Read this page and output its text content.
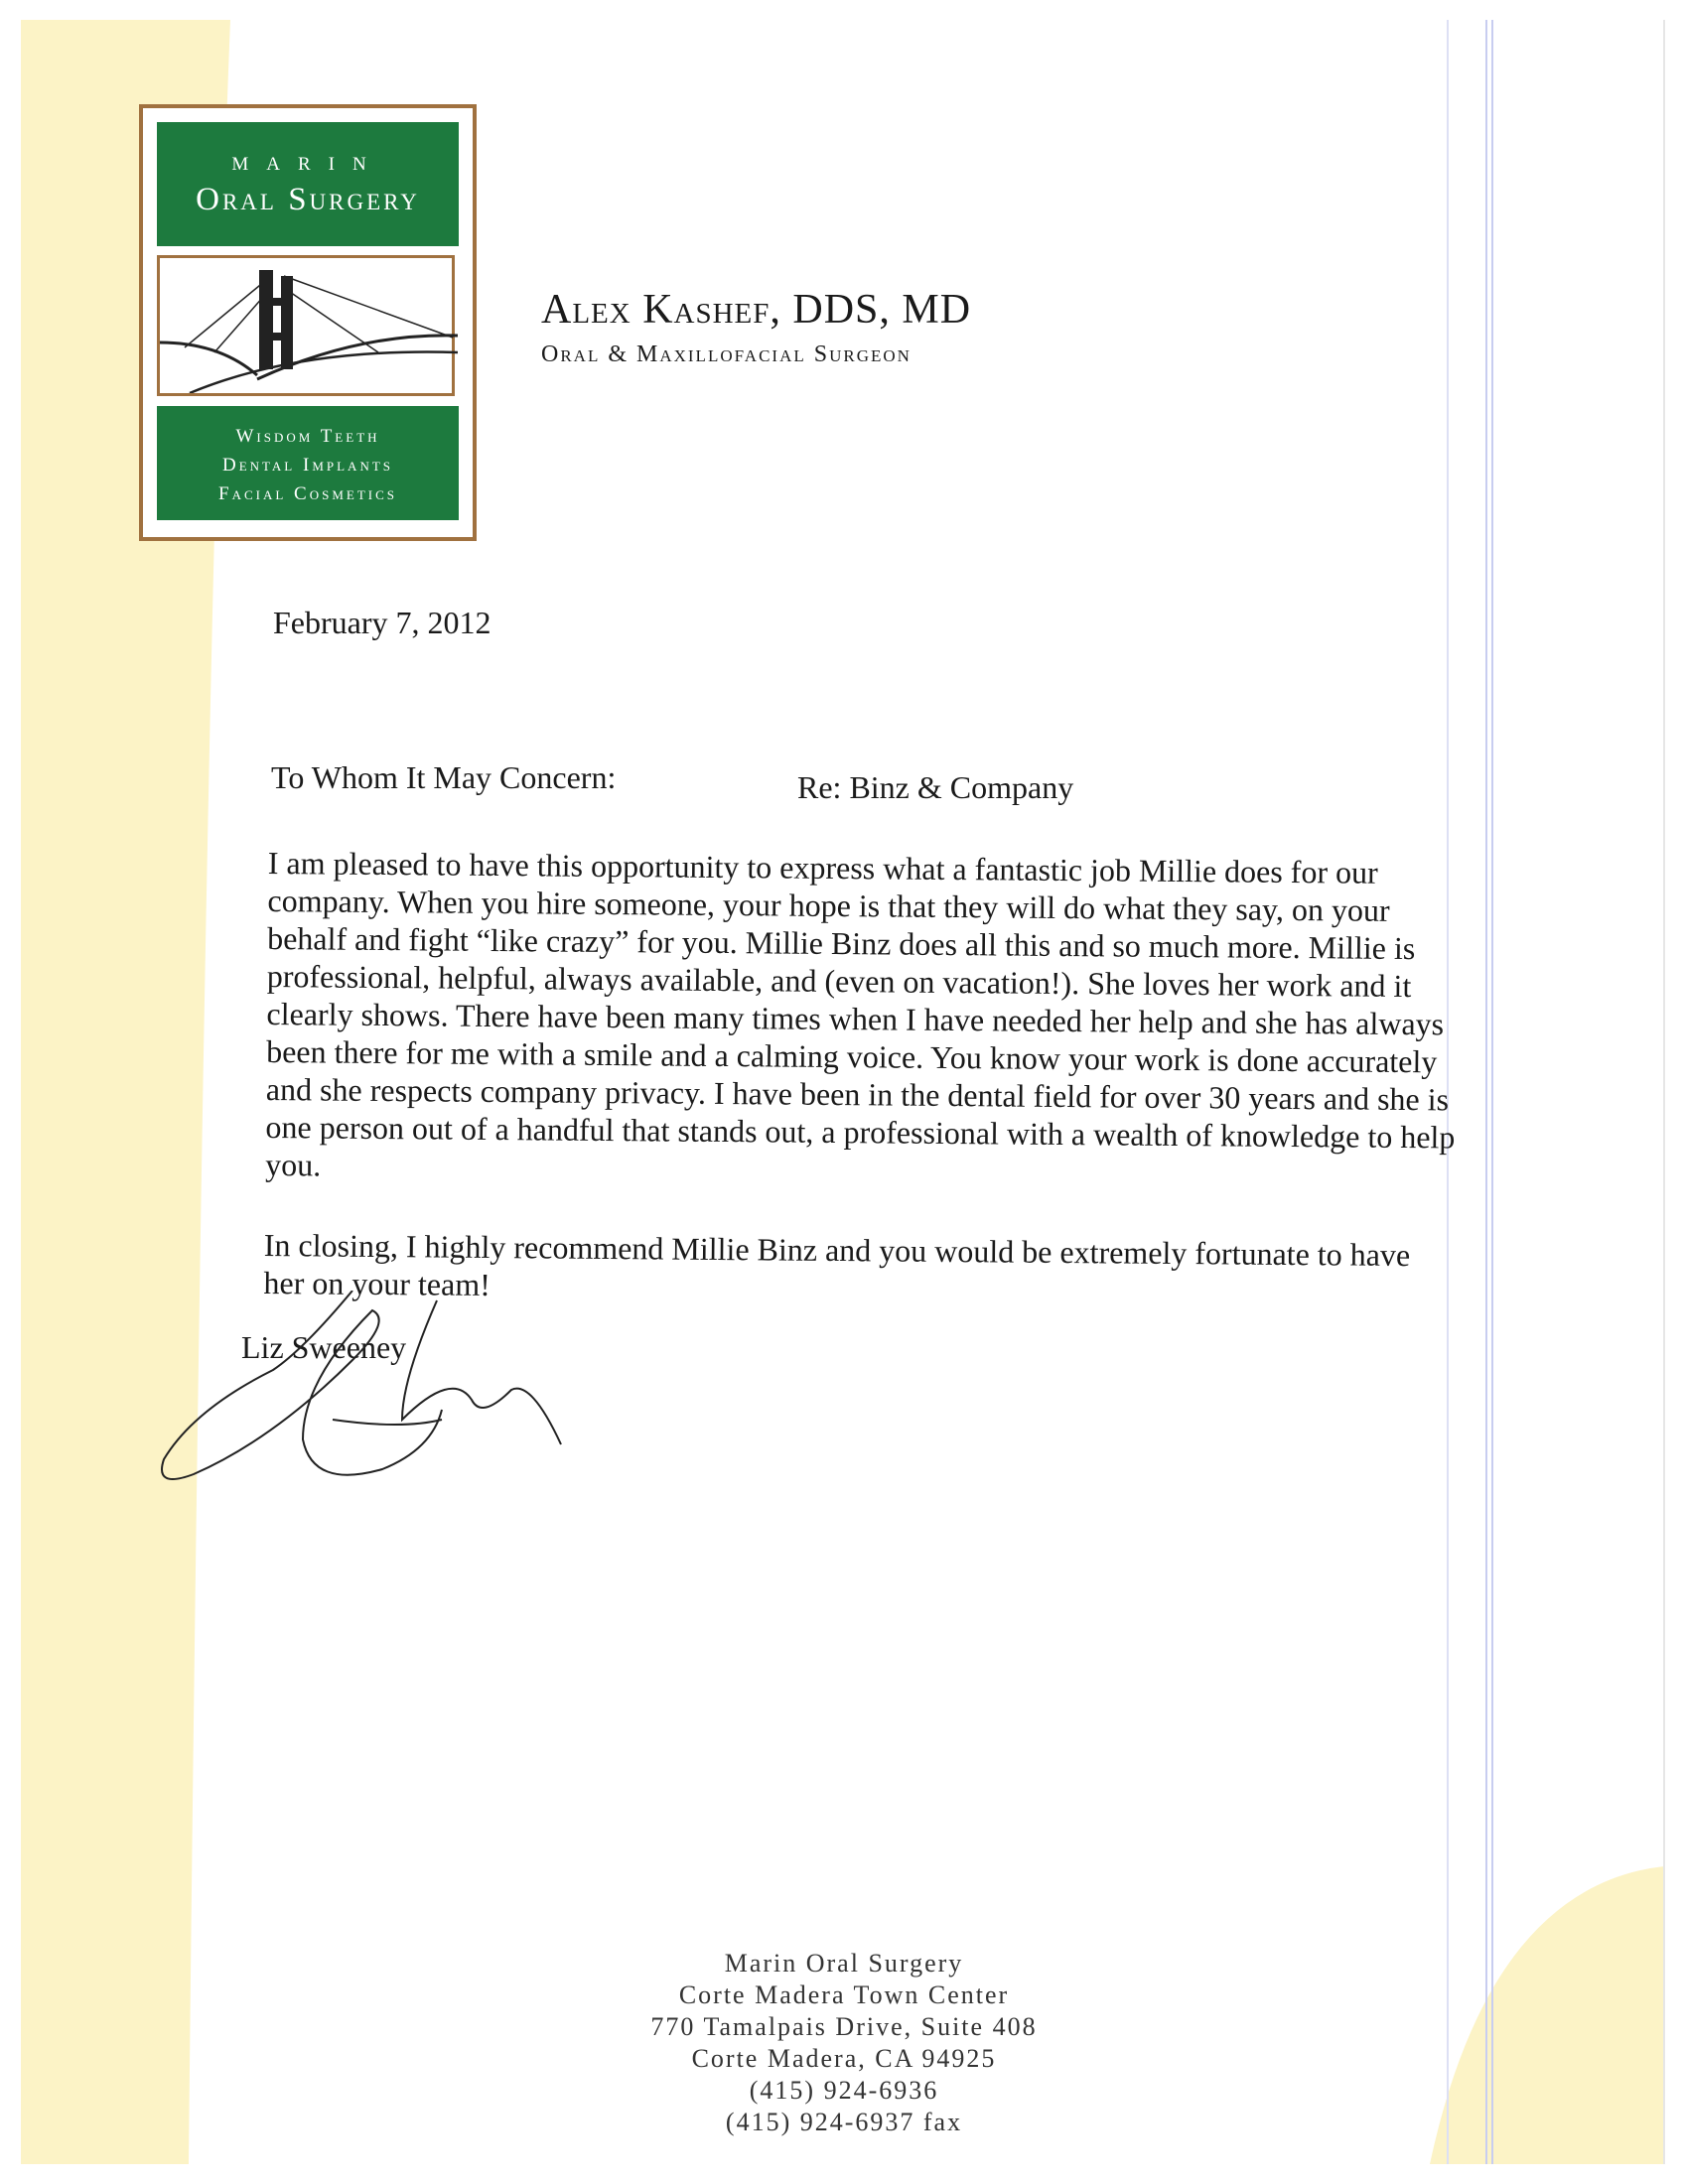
MARIN
Oral Surgery
Wisdom Teeth
Dental Implants
Facial Cosmetics
Alex Kashef, DDS, MD
Oral & Maxillofacial Surgeon
February 7, 2012
To Whom It May Concern:	Re: Binz & Company
I am pleased to have this opportunity to express what a fantastic job Millie does for our company. When you hire someone, your hope is that they will do what they say, on your behalf and fight “like crazy” for you. Millie Binz does all this and so much more. Millie is professional, helpful, always available, and (even on vacation!). She loves her work and it clearly shows. There have been many times when I have needed her help and she has always been there for me with a smile and a calming voice. You know your work is done accurately and she respects company privacy. I have been in the dental field for over 30 years and she is one person out of a handful that stands out, a professional with a wealth of knowledge to help you.
In closing, I highly recommend Millie Binz and you would be extremely fortunate to have her on your team!
Liz Sweeney
Marin Oral Surgery
Corte Madera Town Center
770 Tamalpais Drive, Suite 408
Corte Madera, CA 94925
(415) 924-6936
(415) 924-6937 fax
